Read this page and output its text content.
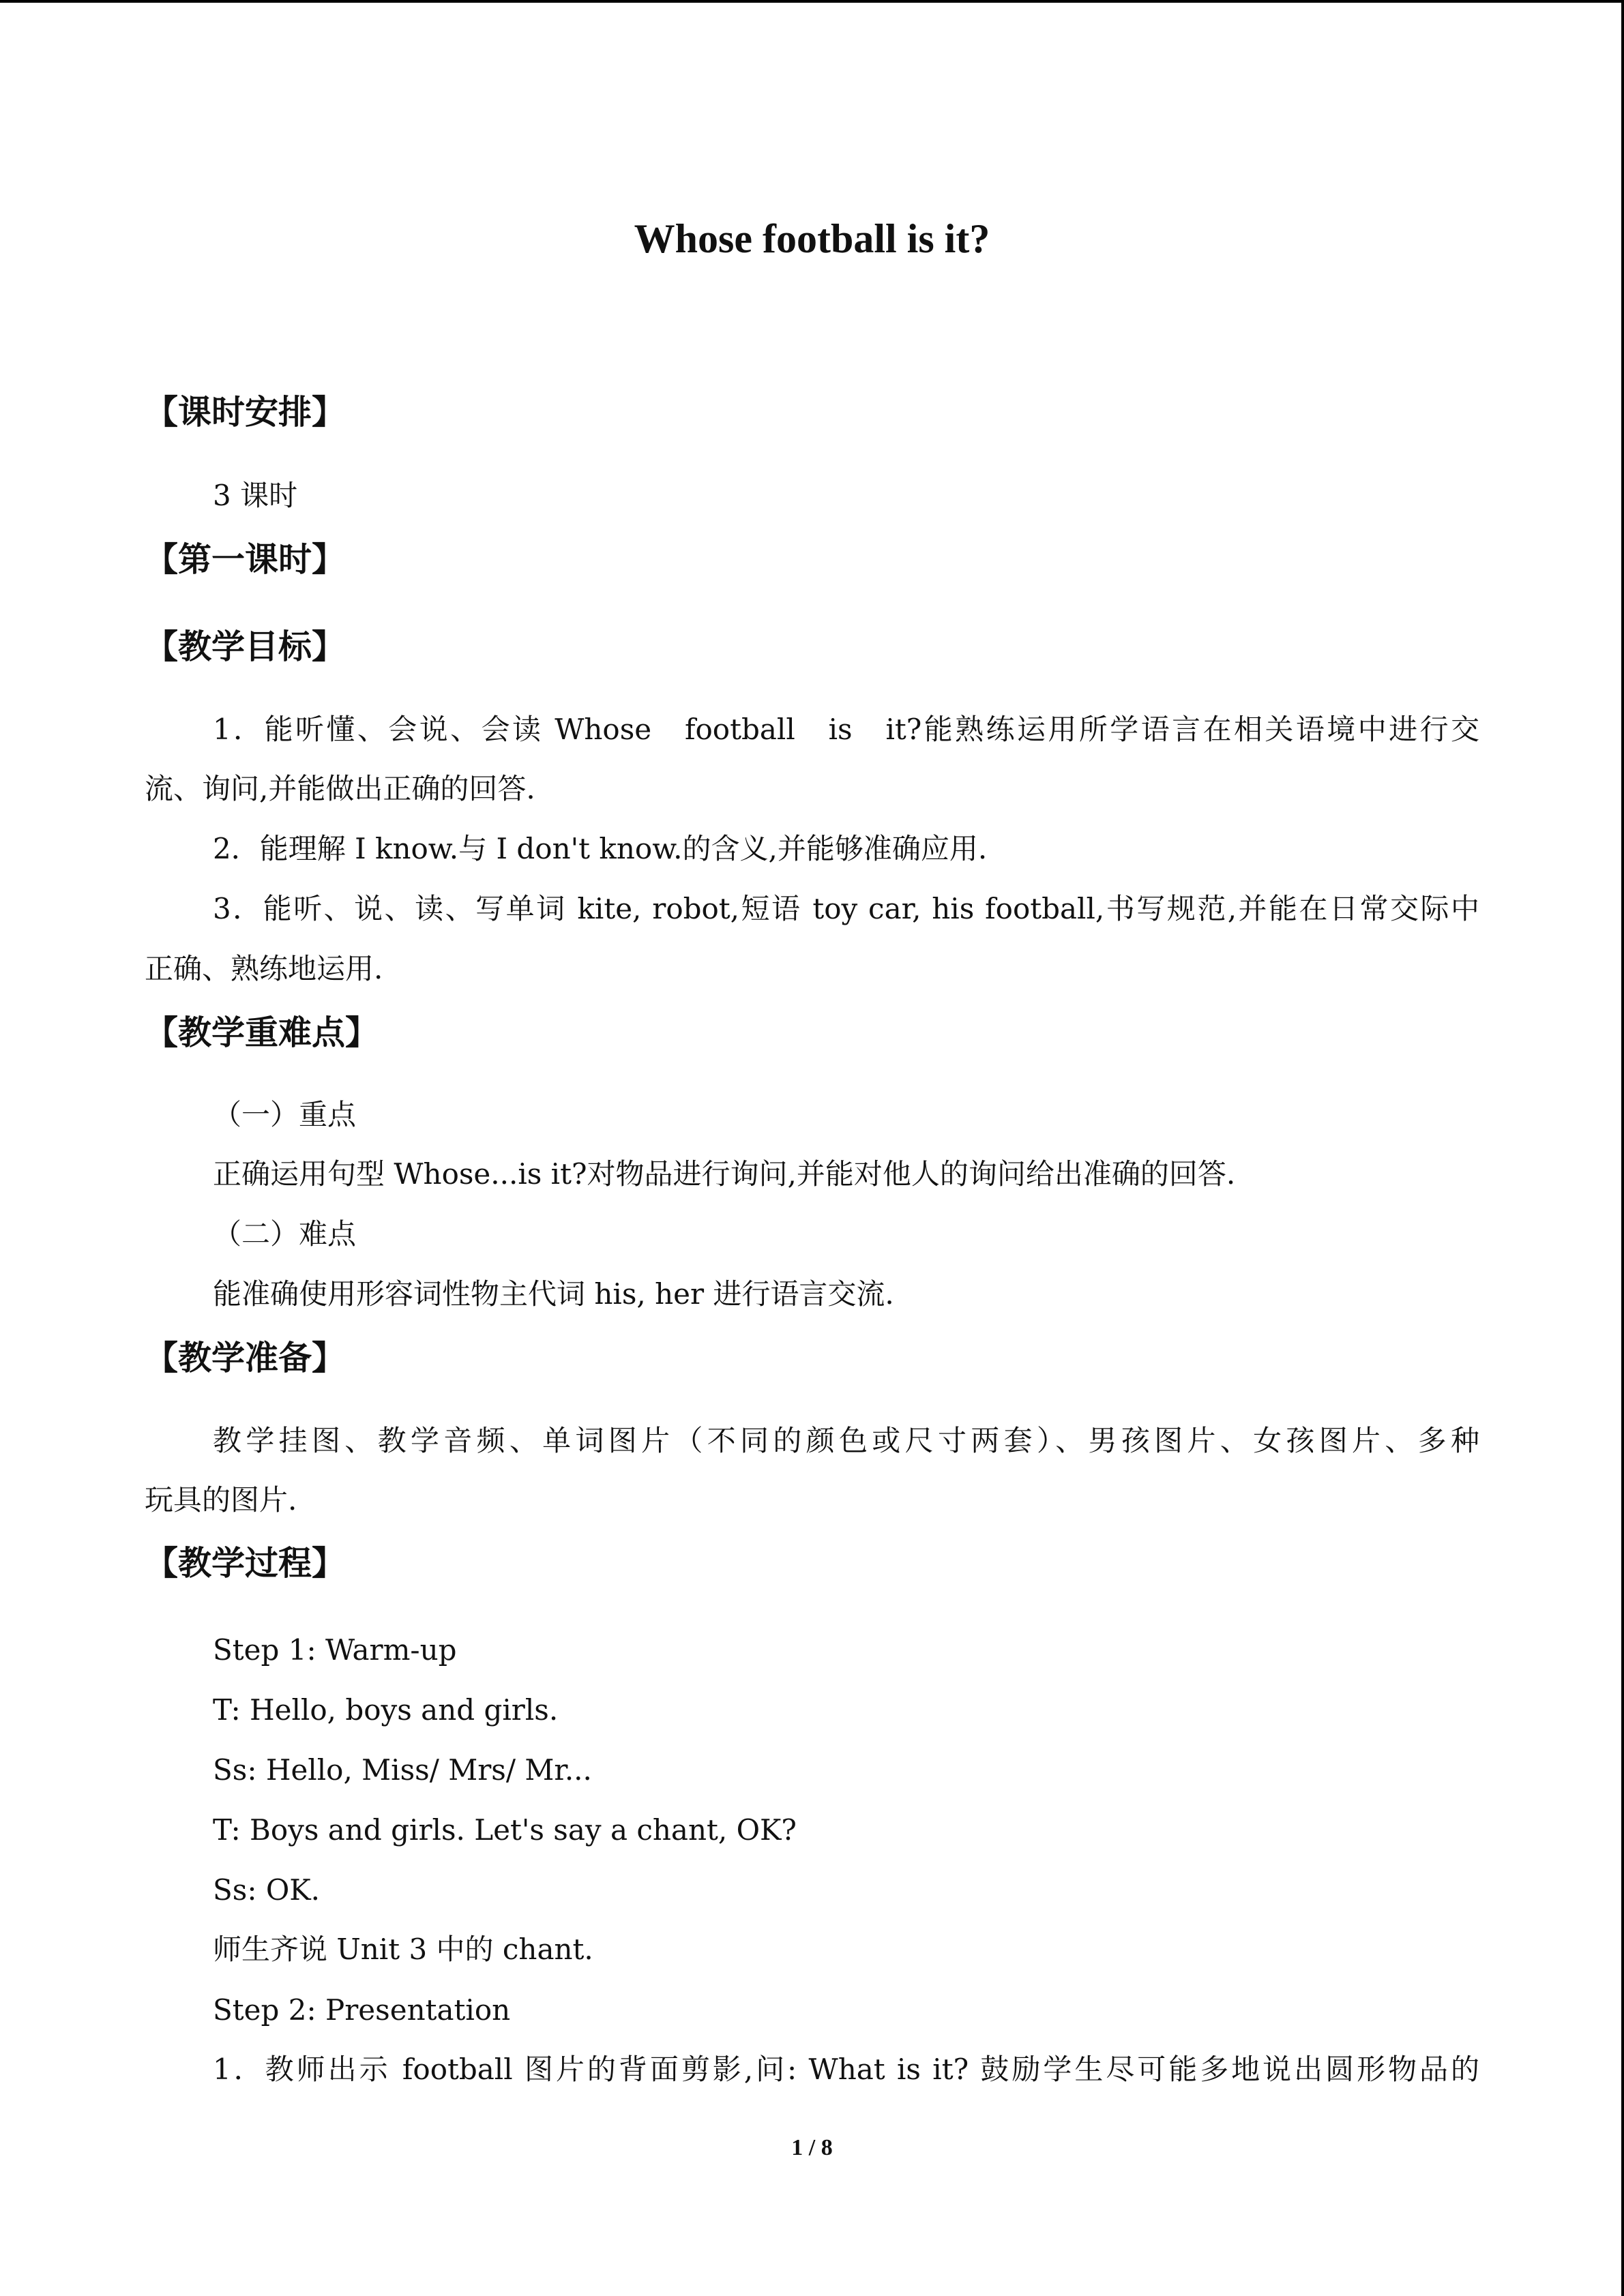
Whose football is it?
【课时安排】
3 课时
【第一课时】
【教学目标】
1．能听懂、会说、会读 Whose　football　is　it?能熟练运用所学语言在相关语境中进行交
流、询问,并能做出正确的回答.
2．能理解 I know.与 I don't know.的含义,并能够准确应用.
3．能听、说、读、写单词 kite, robot,短语 toy car, his football,书写规范,并能在日常交际中
正确、熟练地运用.
【教学重难点】
（一）重点
正确运用句型 Whose...is it?对物品进行询问,并能对他人的询问给出准确的回答.
（二）难点
能准确使用形容词性物主代词 his, her 进行语言交流.
【教学准备】
教学挂图、教学音频、单词图片（不同的颜色或尺寸两套）、男孩图片、女孩图片、多种
玩具的图片.
【教学过程】
Step 1: Warm-up
T: Hello, boys and girls.
Ss: Hello, Miss/ Mrs/ Mr...
T: Boys and girls. Let's say a chant, OK?
Ss: OK.
师生齐说 Unit 3 中的 chant.
Step 2: Presentation
1．教师出示 football 图片的背面剪影,问: What is it? 鼓励学生尽可能多地说出圆形物品的
1 / 8
